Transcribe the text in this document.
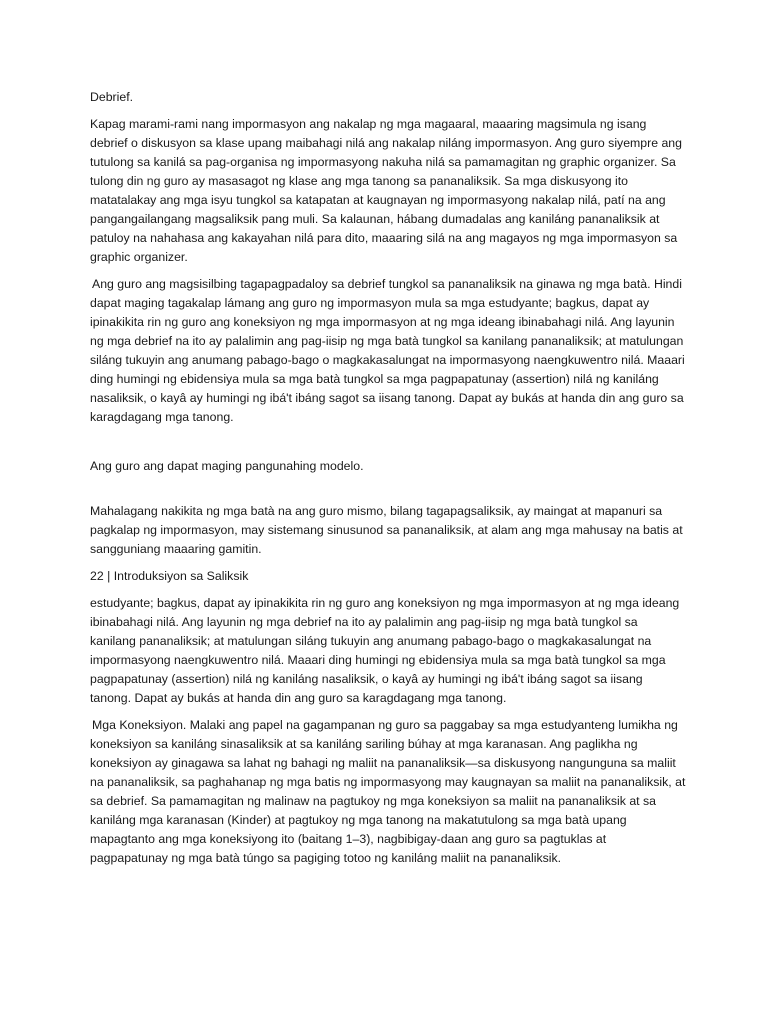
Debrief.

Kapag marami-rami nang impormasyon ang nakalap ng mga magaaral, maaaring magsimula ng isang debrief o diskusyon sa klase upang maibahagi nilá ang nakalap niláng impormasyon. Ang guro siyempre ang tutulong sa kanilá sa pag-organisa ng impormasyong nakuha nilá sa pamamagitan ng graphic organizer. Sa tulong din ng guro ay masasagot ng klase ang mga tanong sa pananaliksik. Sa mga diskusyong ito matatalakay ang mga isyu tungkol sa katapatan at kaugnayan ng impormasyong nakalap nilá, patí na ang pangangailangang magsaliksik pang muli. Sa kalaunan, hábang dumadalas ang kaniláng pananaliksik at patuloy na nahahasa ang kakayahan nilá para dito, maaaring silá na ang magayos ng mga impormasyon sa graphic organizer.

Ang guro ang magsisilbing tagapagpadaloy sa debrief tungkol sa pananaliksik na ginawa ng mga batà. Hindi dapat maging tagakalap lámang ang guro ng impormasyon mula sa mga estudyante; bagkus, dapat ay ipinakikita rin ng guro ang koneksiyon ng mga impormasyon at ng mga ideang ibinabahagi nilá. Ang layunin ng mga debrief na ito ay palalimin ang pag-iisip ng mga batà tungkol sa kanilang pananaliksik; at matulungan siláng tukuyin ang anumang pabago-bago o magkakasalungat na impormasyong naengkuwentro nilá. Maaari ding humingi ng ebidensiya mula sa mga batà tungkol sa mga pagpapatunay (assertion) nilá ng kaniláng nasaliksik, o kayâ ay humingi ng ibá't ibáng sagot sa iisang tanong. Dapat ay bukás at handa din ang guro sa karagdagang mga tanong.

Ang guro ang dapat maging pangunahing modelo.

Mahalagang nakikita ng mga batà na ang guro mismo, bilang tagapagsaliksik, ay maingat at mapanuri sa pagkalap ng impormasyon, may sistemang sinusunod sa pananaliksik, at alam ang mga mahusay na batis at sangguniang maaaring gamitin.

22 | Introduksiyon sa Saliksik

estudyante; bagkus, dapat ay ipinakikita rin ng guro ang koneksiyon ng mga impormasyon at ng mga ideang ibinabahagi nilá. Ang layunin ng mga debrief na ito ay palalimin ang pag-iisip ng mga batà tungkol sa kanilang pananaliksik; at matulungan siláng tukuyin ang anumang pabago-bago o magkakasalungat na impormasyong naengkuwentro nilá. Maaari ding humingi ng ebidensiya mula sa mga batà tungkol sa mga pagpapatunay (assertion) nilá ng kaniláng nasaliksik, o kayâ ay humingi ng ibá't ibáng sagot sa iisang tanong. Dapat ay bukás at handa din ang guro sa karagdagang mga tanong.

Mga Koneksiyon. Malaki ang papel na gagampanan ng guro sa paggabay sa mga estudyanteng lumikha ng koneksiyon sa kaniláng sinasaliksik at sa kaniláng sariling búhay at mga karanasan. Ang paglikha ng koneksiyon ay ginagawa sa lahat ng bahagi ng maliit na pananaliksik—sa diskusyong nangunguna sa maliit na pananaliksik, sa paghahanap ng mga batis ng impormasyong may kaugnayan sa maliit na pananaliksik, at sa debrief. Sa pamamagitan ng malinaw na pagtukoy ng mga koneksiyon sa maliit na pananaliksik at sa kaniláng mga karanasan (Kinder) at pagtukoy ng mga tanong na makatutulong sa mga batà upang mapagtanto ang mga koneksiyong ito (baitang 1–3), nagbibigay-daan ang guro sa pagtuklas at pagpapatunay ng mga batà túngo sa pagiging totoo ng kaniláng maliit na pananaliksik.
